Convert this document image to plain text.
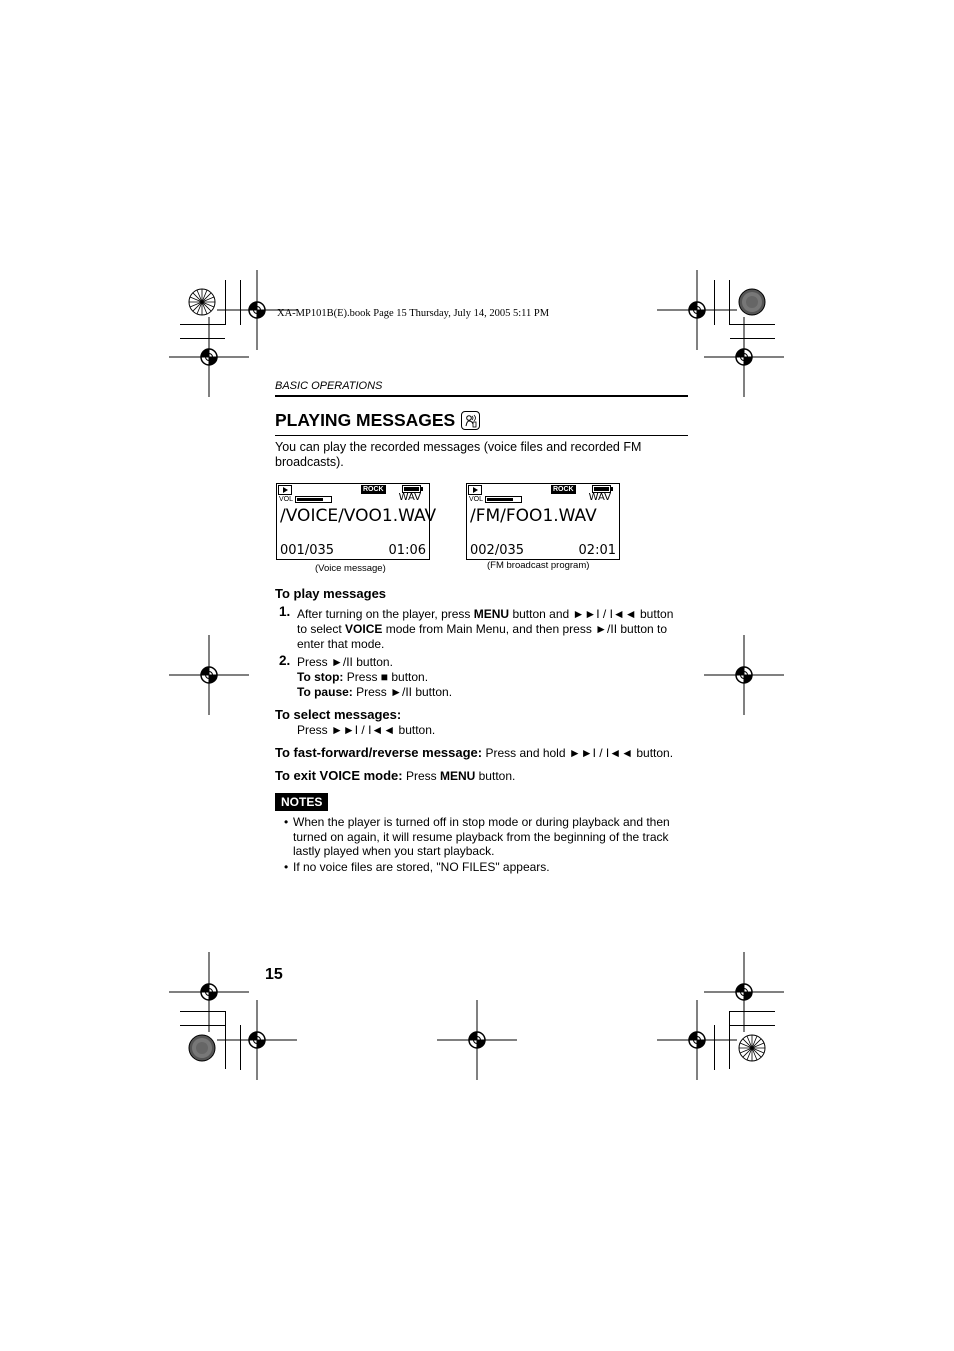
XA-MP101B(E).book Page 15 Thursday, July 14, 2005 5:11 PM
BASIC OPERATIONS
PLAYING MESSAGES
You can play the recorded messages (voice files and recorded FM broadcasts).
ROCK
VOL	WAV
/VOICE/VOO1.WAV
001/035	01:06
(Voice message)
ROCK
VOL	WAV
/FM/FOO1.WAV
002/035	02:01
(FM broadcast program)
To play messages
1. After turning on the player, press MENU button and ►►I / I◄◄ button
to select VOICE mode from Main Menu, and then press ►/II button to
enter that mode.
2. Press ►/II button.
To stop: Press ■ button.
To pause: Press ►/II button.
To select messages:
Press ►►I / I◄◄ button.
To fast-forward/reverse message: Press and hold ►►I / I◄◄ button.
To exit VOICE mode: Press MENU button.
NOTES
• When the player is turned off in stop mode or during playback and then turned on again, it will resume playback from the beginning of the track lastly played when you start playback.
• If no voice files are stored, "NO FILES" appears.
15
